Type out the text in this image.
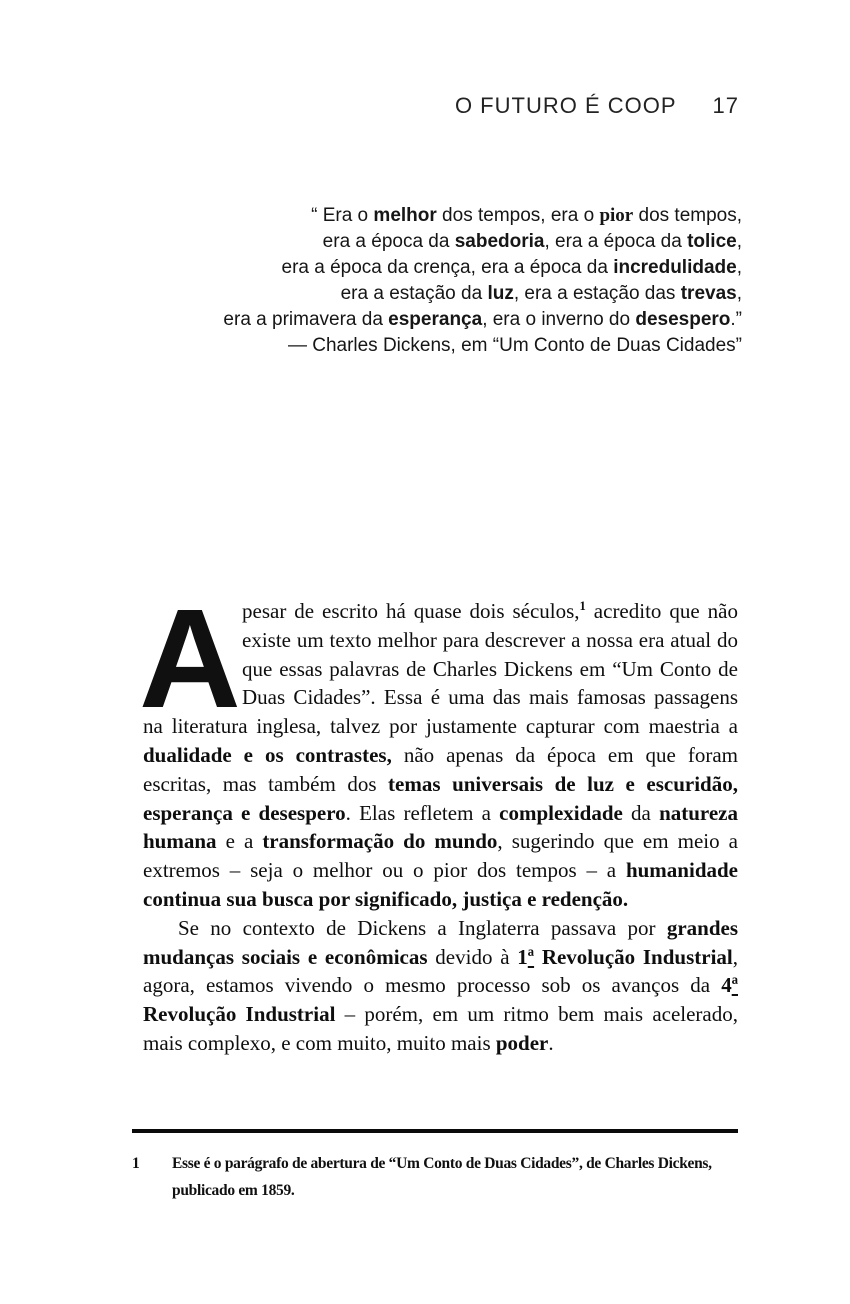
O FUTURO É COOP 17
“ Era o melhor dos tempos, era o pior dos tempos,
era a época da sabedoria, era a época da tolice,
era a época da crença, era a época da incredulidade,
era a estação da luz, era a estação das trevas,
era a primavera da esperança, era o inverno do desespero.”
— Charles Dickens, em “Um Conto de Duas Cidades”
A pesar de escrito há quase dois séculos,$^1$ acredito que não existe um texto melhor para descrever a nossa era atual do que essas palavras de Charles Dickens em “Um Conto de Duas Cidades”. Essa é uma das mais famosas passagens na literatura inglesa, talvez por justamente capturar com maestria a dualidade e os contrastes, não apenas da época em que foram escritas, mas também dos temas universais de luz e escuridão, esperança e desespero. Elas refletem a complexidade da natureza humana e a transformação do mundo, sugerindo que em meio a extremos – seja o melhor ou o pior dos tempos – a humanidade continua sua busca por significado, justiça e redenção.

Se no contexto de Dickens a Inglaterra passava por grandes mudanças sociais e econômicas devido à 1ª Revolução Industrial, agora, estamos vivendo o mesmo processo sob os avanços da 4ª Revolução Industrial – porém, em um ritmo bem mais acelerado, mais complexo, e com muito, muito mais poder.

1	Esse é o parágrafo de abertura de “Um Conto de Duas Cidades”, de Charles Dickens, publicado em 1859.
